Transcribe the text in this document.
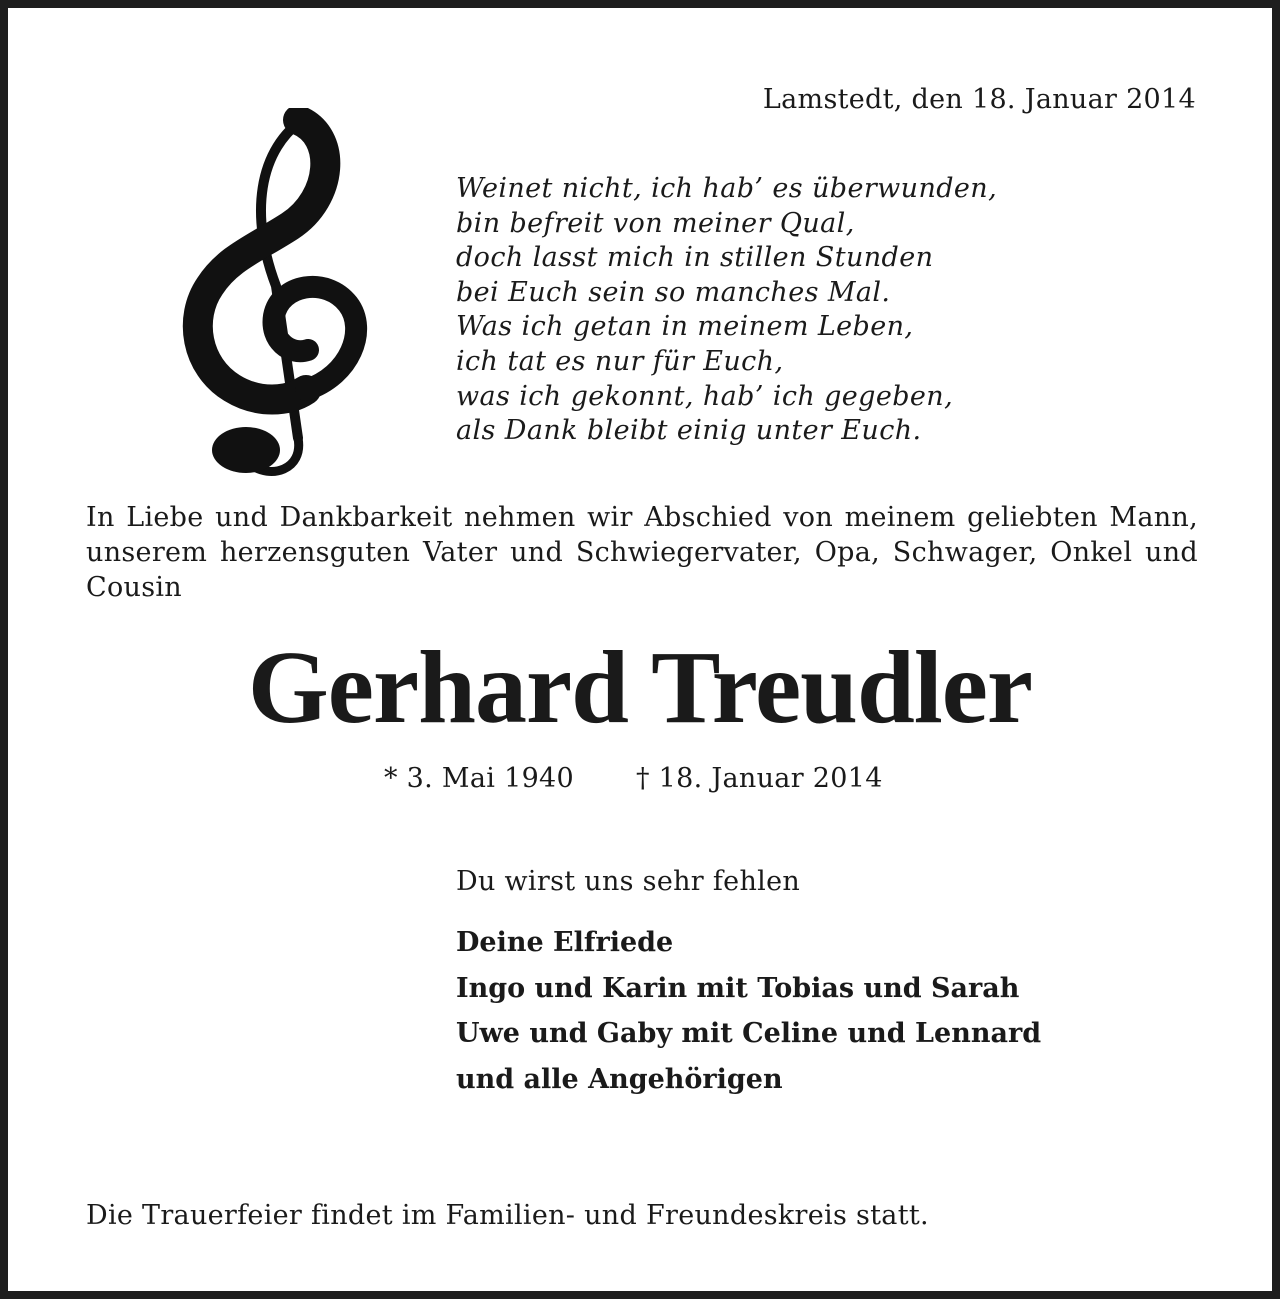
Lamstedt, den 18. Januar 2014
Weinet nicht, ich hab’ es überwunden,
bin befreit von meiner Qual,
doch lasst mich in stillen Stunden
bei Euch sein so manches Mal.
Was ich getan in meinem Leben,
ich tat es nur für Euch,
was ich gekonnt, hab’ ich gegeben,
als Dank bleibt einig unter Euch.
In Liebe und Dankbarkeit nehmen wir Abschied von meinem geliebten Mann, unserem herzensguten Vater und Schwiegervater, Opa, Schwager, Onkel und Cousin
Gerhard Treudler
* 3. Mai 1940 † 18. Januar 2014
Du wirst uns sehr fehlen
Deine Elfriede
Ingo und Karin mit Tobias und Sarah
Uwe und Gaby mit Celine und Lennard
und alle Angehörigen
Die Trauerfeier findet im Familien- und Freundeskreis statt.
